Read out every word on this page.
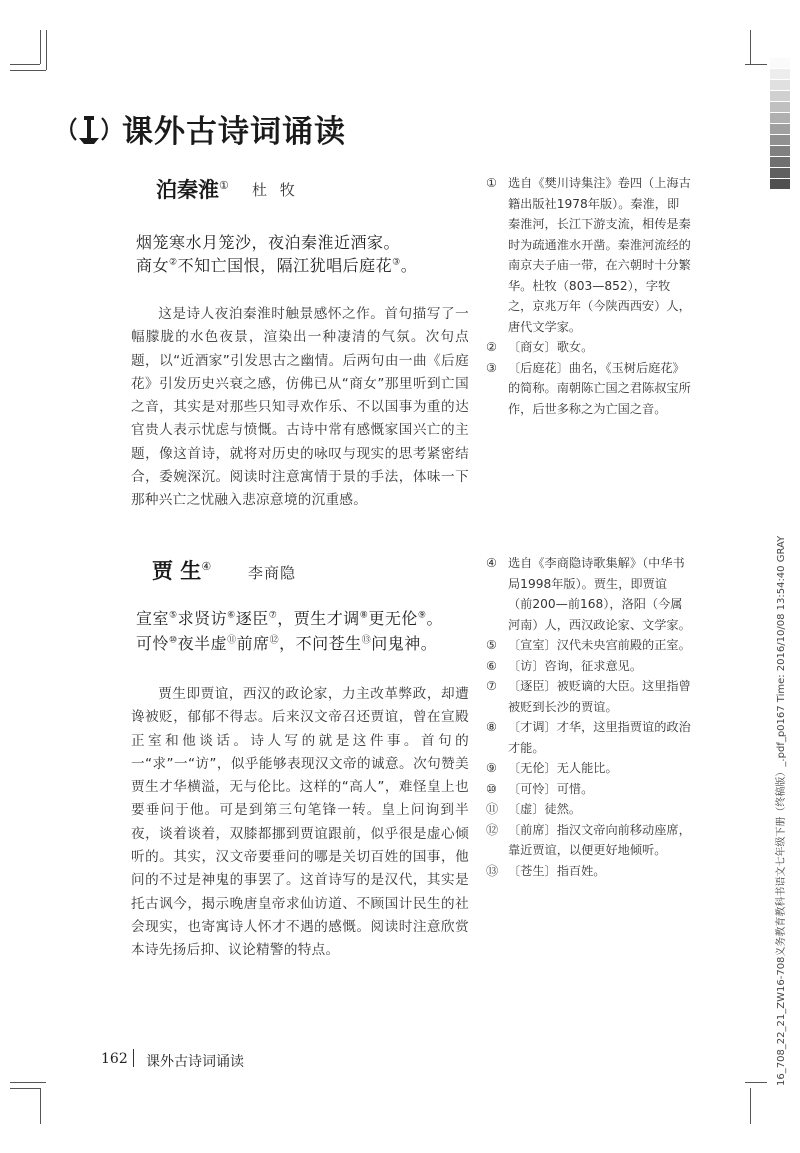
课外古诗词诵读
泊秦淮① 杜 牧
烟笼寒水月笼沙，夜泊秦淮近酒家。
商女②不知亡国恨，隔江犹唱后庭花③。
这是诗人夜泊秦淮时触景感怀之作。首句描写了一幅朦胧的水色夜景，渲染出一种凄清的气氛。次句点题，以“近酒家”引发思古之幽情。后两句由一曲《后庭花》引发历史兴衰之感，仿佛已从“商女”那里听到亡国之音，其实是对那些只知寻欢作乐、不以国事为重的达官贵人表示忧虑与愤慨。古诗中常有感慨家国兴亡的主题，像这首诗，就将对历史的咏叹与现实的思考紧密结合，委婉深沉。阅读时注意寓情于景的手法，体味一下那种兴亡之忧融入悲凉意境的沉重感。

① 选自《樊川诗集注》卷四（上海古籍出版社1978年版）。秦淮，即秦淮河，长江下游支流，相传是秦时为疏通淮水开凿。秦淮河流经的南京夫子庙一带，在六朝时十分繁华。杜牧（803—852），字牧之，京兆万年（今陕西西安）人，唐代文学家。

② 〔商女〕歌女。

③ 〔后庭花〕曲名，《玉树后庭花》的简称。南朝陈亡国之君陈叔宝所作，后世多称之为亡国之音。

贾 生④ 李商隐
宣室⑤求贤访⑥逐臣⑦，贾生才调⑧更无伦⑨。
可怜⑩夜半虚⑪前席⑫，不问苍生⑬问鬼神。
贾生即贾谊，西汉的政论家，力主改革弊政，却遭谗被贬，郁郁不得志。后来汉文帝召还贾谊，曾在宣殿正室和他谈话。诗人写的就是这件事。首句的一“求”一“访”，似乎能够表现汉文帝的诚意。次句赞美贾生才华横溢，无与伦比。这样的“高人”，难怪皇上也要垂问于他。可是到第三句笔锋一转。皇上问询到半夜，谈着谈着，双膝都挪到贾谊跟前，似乎很是虚心倾听的。其实，汉文帝要垂问的哪是关切百姓的国事，他问的不过是神鬼的事罢了。这首诗写的是汉代，其实是托古讽今，揭示晚唐皇帝求仙访道、不顾国计民生的社会现实，也寄寓诗人怀才不遇的感慨。阅读时注意欣赏本诗先扬后抑、议论精警的特点。

④ 选自《李商隐诗歌集解》（中华书局1998年版）。贾生，即贾谊（前200—前168），洛阳（今属河南）人，西汉政论家、文学家。

⑤ 〔宣室〕汉代未央宫前殿的正室。

⑥ 〔访〕咨询，征求意见。

⑦ 〔逐臣〕被贬谪的大臣。这里指曾被贬到长沙的贾谊。

⑧ 〔才调〕才华，这里指贾谊的政治才能。

⑨ 〔无伦〕无人能比。

⑩ 〔可怜〕可惜。

⑪ 〔虚〕徒然。

⑫ 〔前席〕指汉文帝向前移动座席，靠近贾谊，以便更好地倾听。

⑬ 〔苍生〕指百姓。

162 课外古诗词诵读	16_708_22_21_ZW16-708义务教育教科书语文七年级下册（终稿版）_.pdf_p0167 Time: 2016/10/08 13:54:40 GRAY
